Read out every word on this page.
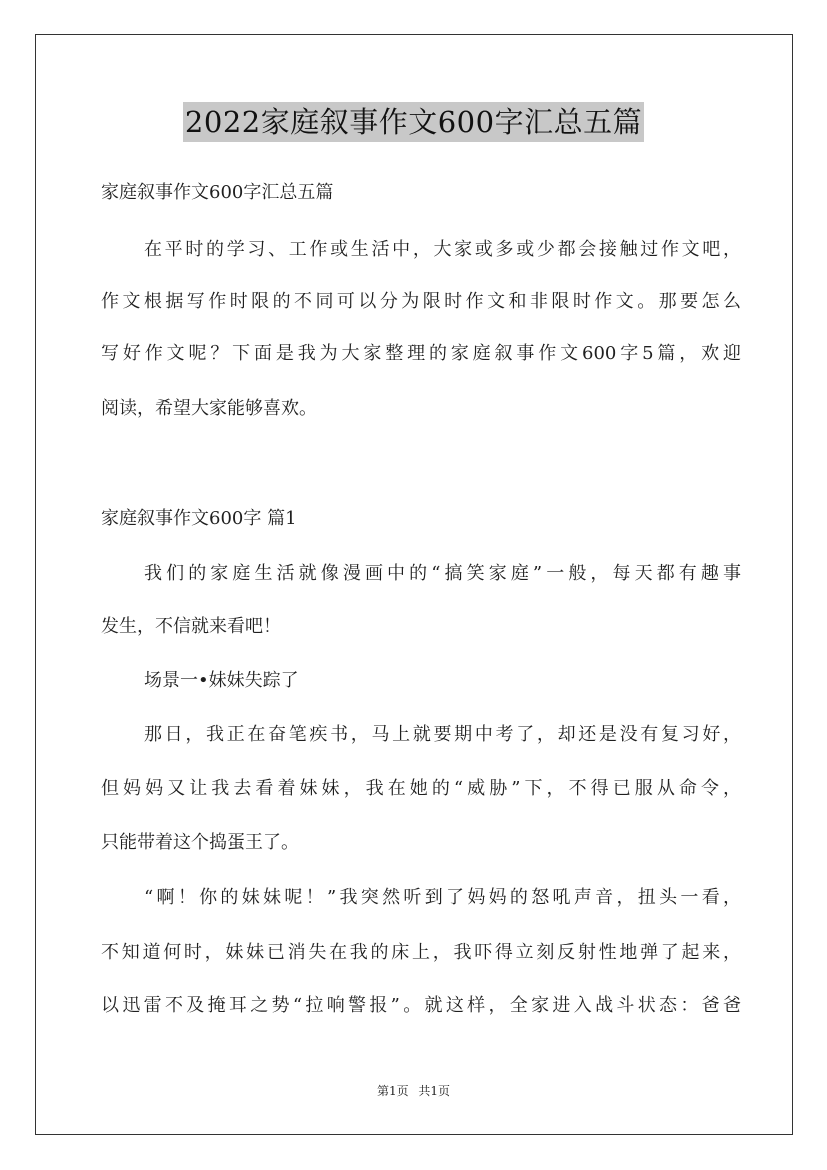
2022家庭叙事作文600字汇总五篇
家庭叙事作文600字汇总五篇
在平时的学习、工作或生活中，大家或多或少都会接触过作文吧，
作文根据写作时限的不同可以分为限时作文和非限时作文。那要怎么
写好作文呢？下面是我为大家整理的家庭叙事作文600字5篇，欢迎
阅读，希望大家能够喜欢。
家庭叙事作文600字 篇1
我们的家庭生活就像漫画中的“搞笑家庭”一般，每天都有趣事
发生，不信就来看吧！
场景一•妹妹失踪了
那日，我正在奋笔疾书，马上就要期中考了，却还是没有复习好，
但妈妈又让我去看着妹妹，我在她的“威胁”下，不得已服从命令，
只能带着这个捣蛋王了。
“啊！你的妹妹呢！”我突然听到了妈妈的怒吼声音，扭头一看，
不知道何时，妹妹已消失在我的床上，我吓得立刻反射性地弹了起来，
以迅雷不及掩耳之势“拉响警报”。就这样，全家进入战斗状态：爸爸
第1页 共1页
